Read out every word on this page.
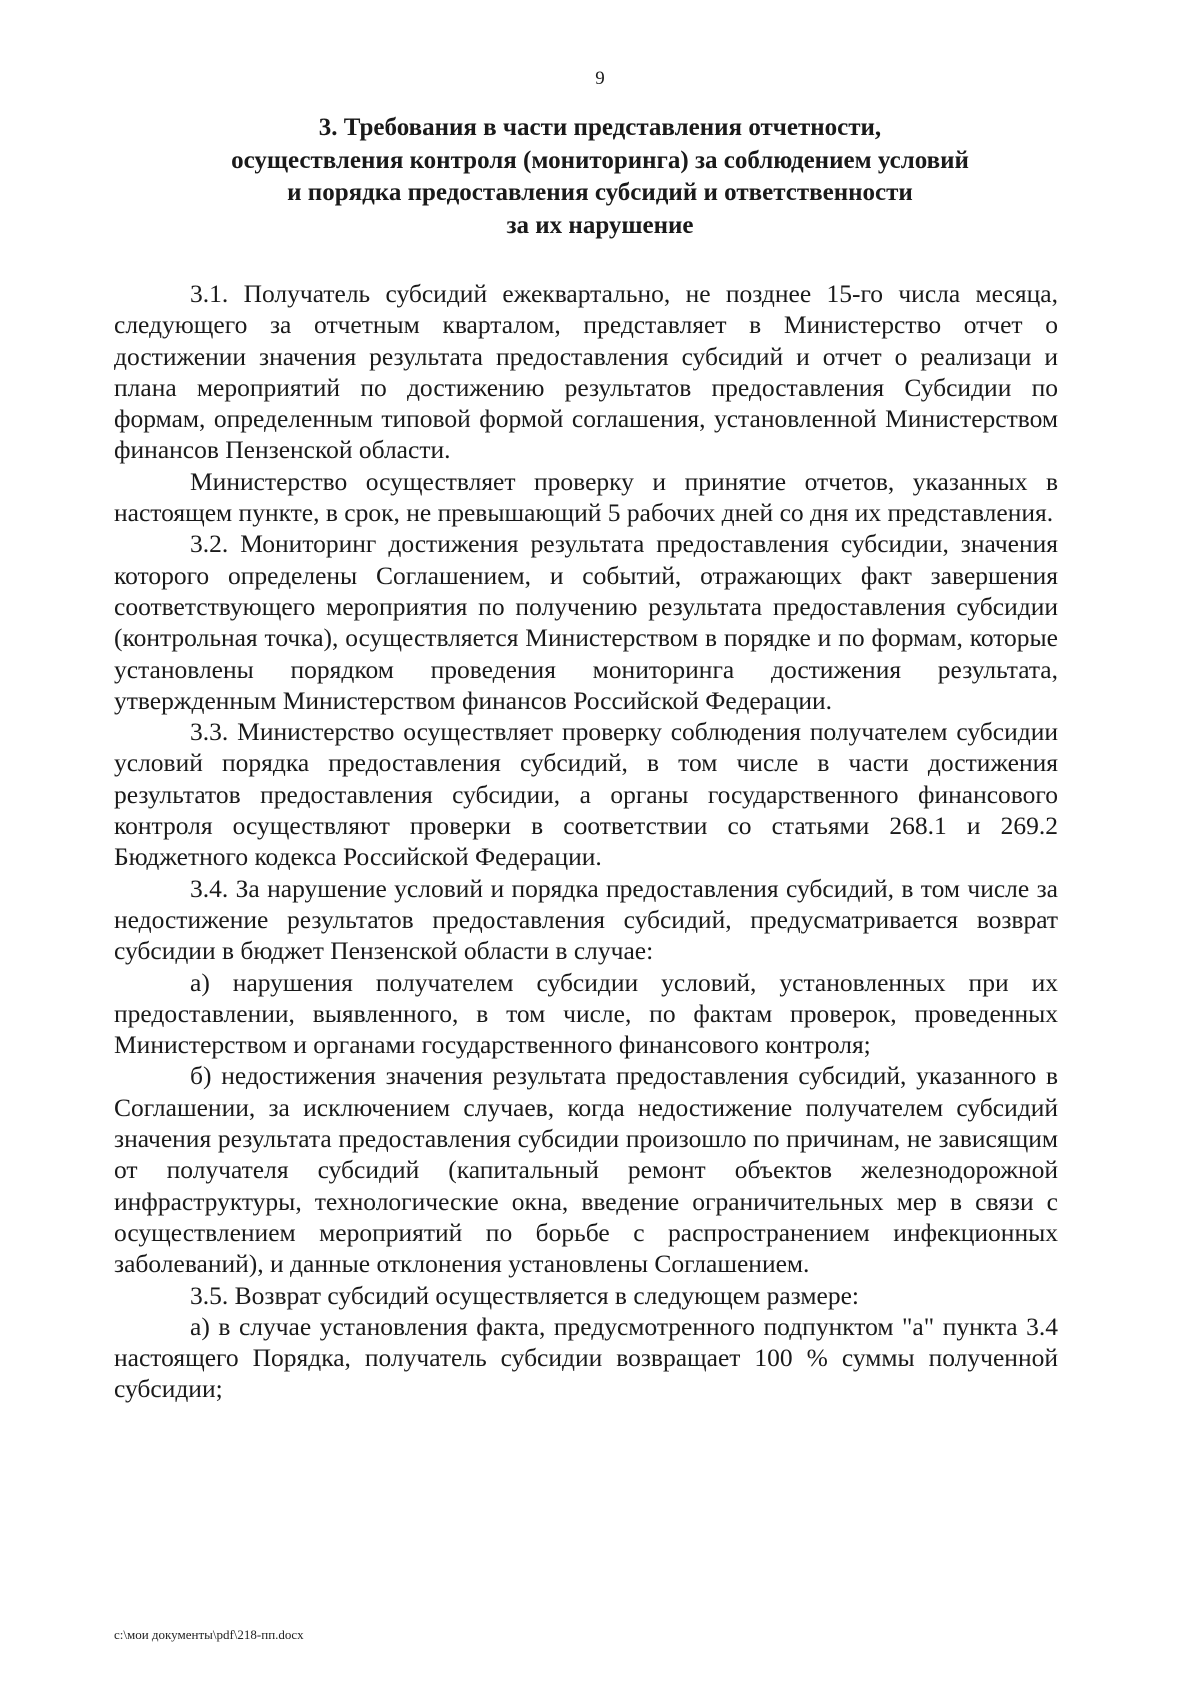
9
3. Требования в части представления отчетности,
осуществления контроля (мониторинга) за соблюдением условий
и порядка предоставления субсидий и ответственности
за их нарушение

3.1. Получатель субсидий ежеквартально, не позднее 15-го числа месяца, следующего за отчетным кварталом, представляет в Министерство отчет о достижении значения результата предоставления субсидий и отчет о реализаци и плана мероприятий по достижению результатов предоставления Субсидии по формам, определенным типовой формой соглашения, установленной Министерством финансов Пензенской области.

Министерство осуществляет проверку и принятие отчетов, указанных в настоящем пункте, в срок, не превышающий 5 рабочих дней со дня их представления.

3.2. Мониторинг достижения результата предоставления субсидии, значения которого определены Соглашением, и событий, отражающих факт завершения соответствующего мероприятия по получению результата предоставления субсидии (контрольная точка), осуществляется Министерством в порядке и по формам, которые установлены порядком проведения мониторинга достижения результата, утвержденным Министерством финансов Российской Федерации.

3.3. Министерство осуществляет проверку соблюдения получателем субсидии условий порядка предоставления субсидий, в том числе в части достижения результатов предоставления субсидии, а органы государственного финансового контроля осуществляют проверки в соответствии со статьями 268.1 и 269.2 Бюджетного кодекса Российской Федерации.

3.4. За нарушение условий и порядка предоставления субсидий, в том числе за недостижение результатов предоставления субсидий, предусматривается возврат субсидии в бюджет Пензенской области в случае:

а) нарушения получателем субсидии условий, установленных при их предоставлении, выявленного, в том числе, по фактам проверок, проведенных Министерством и органами государственного финансового контроля;

б) недостижения значения результата предоставления субсидий, указанного в Соглашении, за исключением случаев, когда недостижение получателем субсидий значения результата предоставления субсидии произошло по причинам, не зависящим от получателя субсидий (капитальный ремонт объектов железнодорожной инфраструктуры, технологические окна, введение ограничительных мер в связи с осуществлением мероприятий по борьбе с распространением инфекционных заболеваний), и данные отклонения установлены Соглашением.

3.5. Возврат субсидий осуществляется в следующем размере:

а) в случае установления факта, предусмотренного подпунктом "а" пункта 3.4 настоящего Порядка, получатель субсидии возвращает 100 % суммы полученной субсидии;

c:\мои документы\pdf\218-пп.docx
